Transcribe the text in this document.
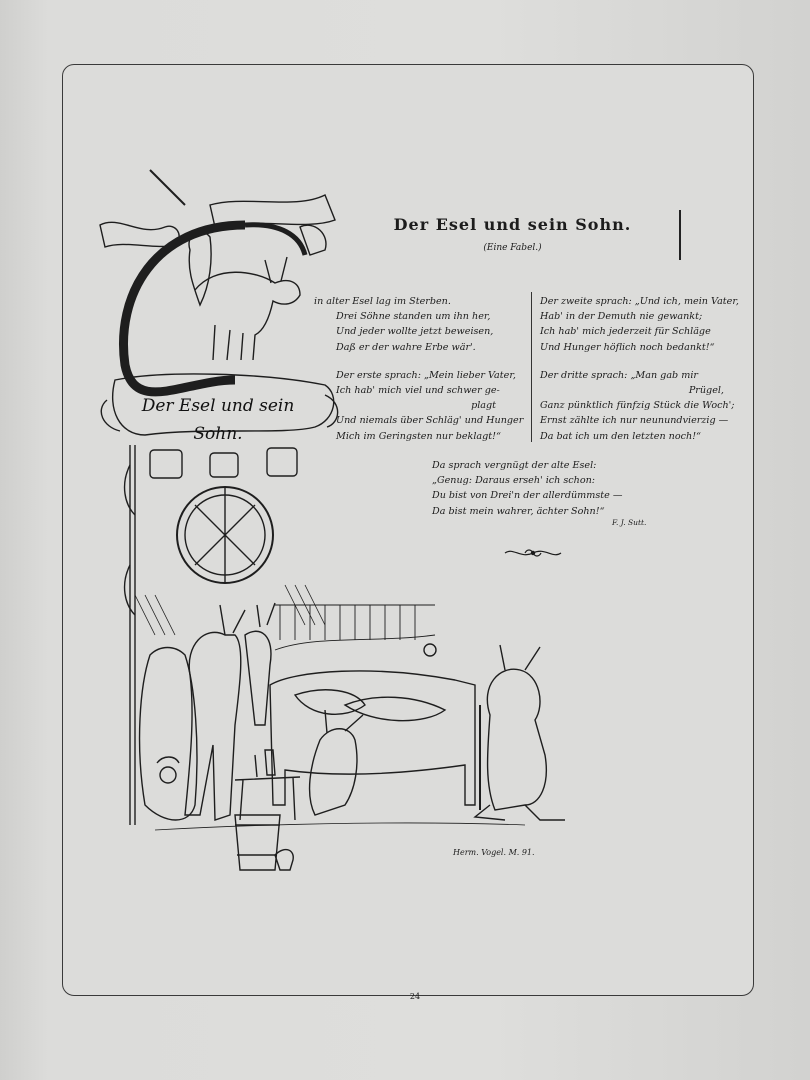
Der Esel und sein
Sohn.
Herm. Vogel. M. 91.
Der Esel und sein Sohn.
(Eine Fabel.)
in alter Esel lag im Sterben.
Drei Söhne standen um ihn her,
Und jeder wollte jetzt beweisen,
Daß er der wahre Erbe wär'.
Der erste sprach: „Mein lieber Vater,
Ich hab' mich viel und schwer ge-
plagt
Und niemals über Schläg' und Hunger
Mich im Geringsten nur beklagt!“
Der zweite sprach: „Und ich, mein Vater,
Hab' in der Demuth nie gewankt;
Ich hab' mich jederzeit für Schläge
Und Hunger höflich noch bedankt!“
Der dritte sprach: „Man gab mir
Prügel,
Ganz pünktlich fünfzig Stück die Woch';
Ernst zählte ich nur neunundvierzig —
Da bat ich um den letzten noch!“
Da sprach vergnügt der alte Esel:
„Genug: Daraus erseh' ich schon:
Du bist von Drei'n der allerdümmste —
Da bist mein wahrer, ächter Sohn!“
F. J. Sutt.
24
